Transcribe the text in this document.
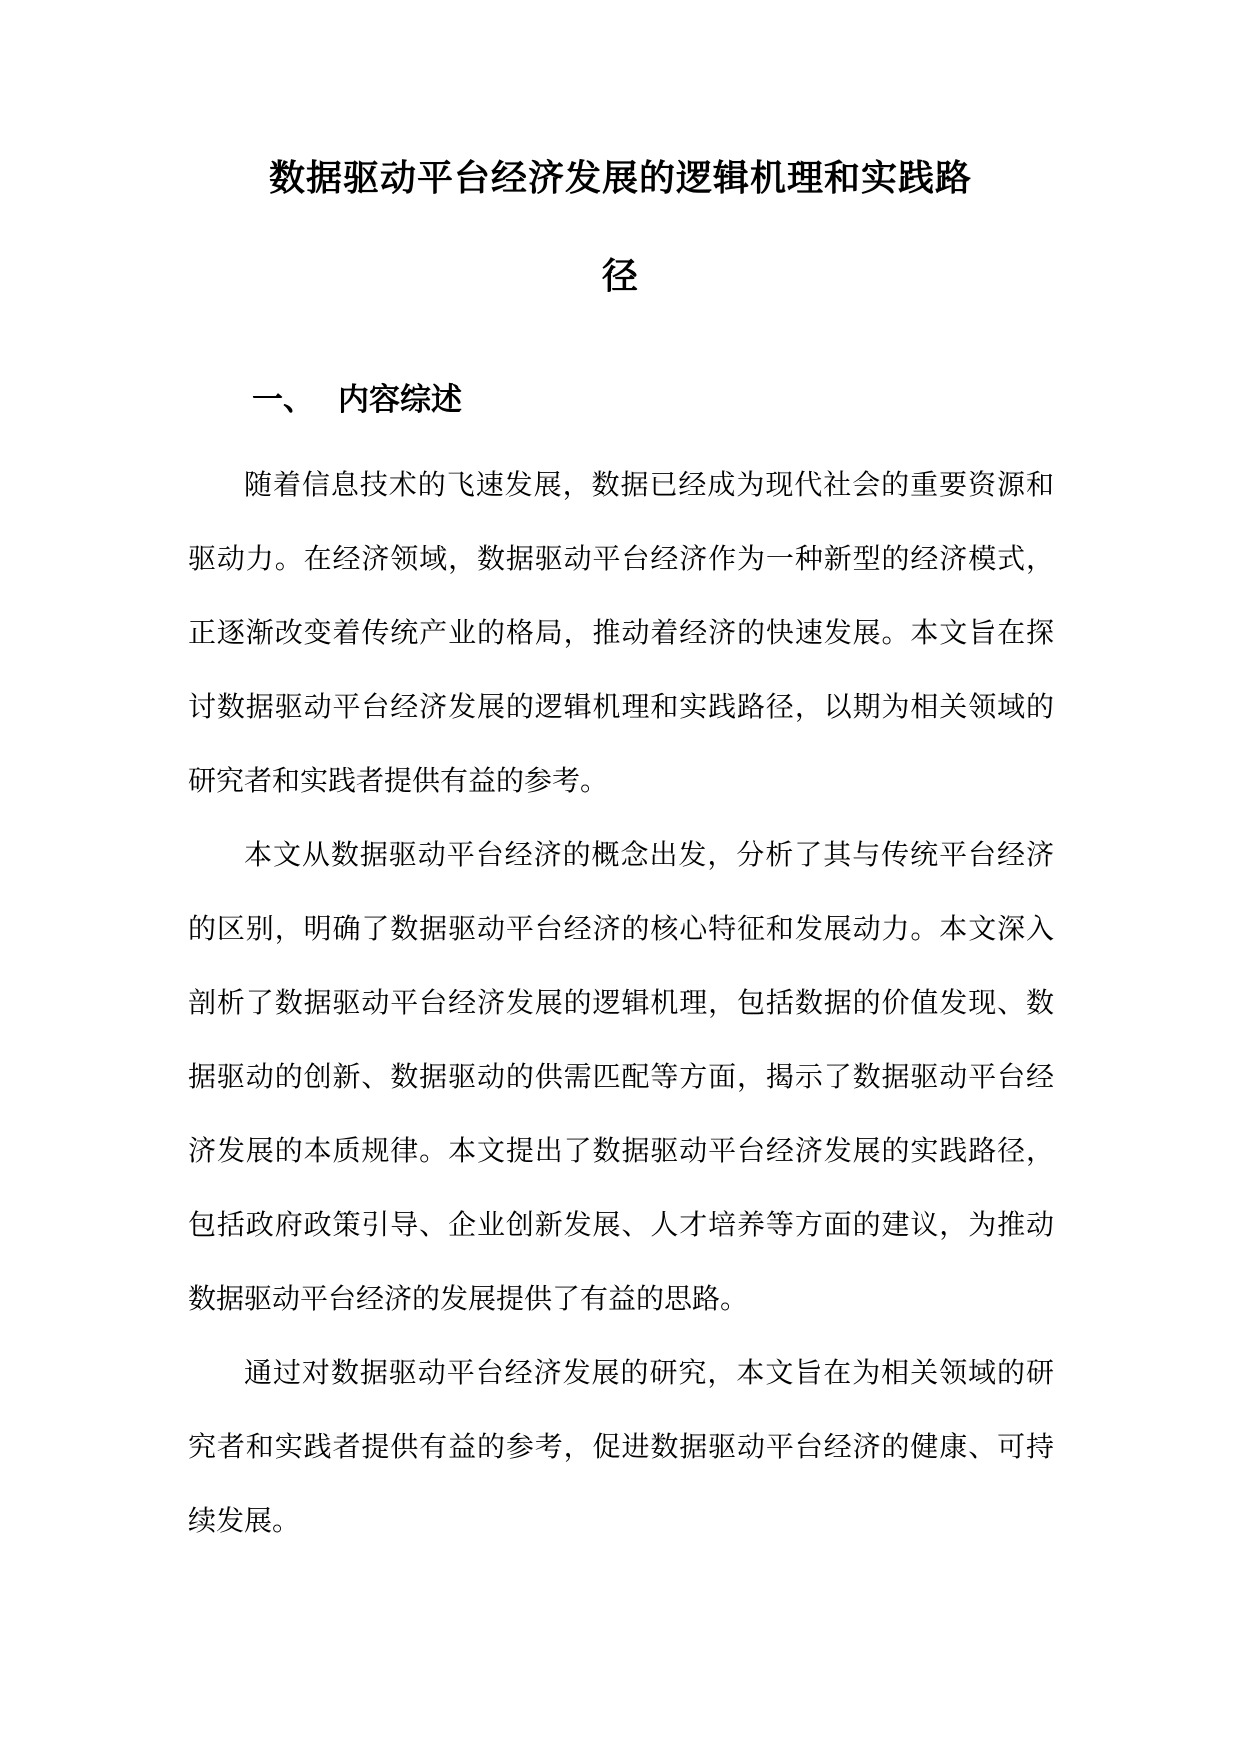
数据驱动平台经济发展的逻辑机理和实践路
径
一、 内容综述

随着信息技术的飞速发展，数据已经成为现代社会的重要资源和驱动力。在经济领域，数据驱动平台经济作为一种新型的经济模式，正逐渐改变着传统产业的格局，推动着经济的快速发展。本文旨在探讨数据驱动平台经济发展的逻辑机理和实践路径，以期为相关领域的研究者和实践者提供有益的参考。

本文从数据驱动平台经济的概念出发，分析了其与传统平台经济的区别，明确了数据驱动平台经济的核心特征和发展动力。本文深入剖析了数据驱动平台经济发展的逻辑机理，包括数据的价值发现、数据驱动的创新、数据驱动的供需匹配等方面，揭示了数据驱动平台经济发展的本质规律。本文提出了数据驱动平台经济发展的实践路径，包括政府政策引导、企业创新发展、人才培养等方面的建议，为推动数据驱动平台经济的发展提供了有益的思路。

通过对数据驱动平台经济发展的研究，本文旨在为相关领域的研究者和实践者提供有益的参考，促进数据驱动平台经济的健康、可持续发展。
